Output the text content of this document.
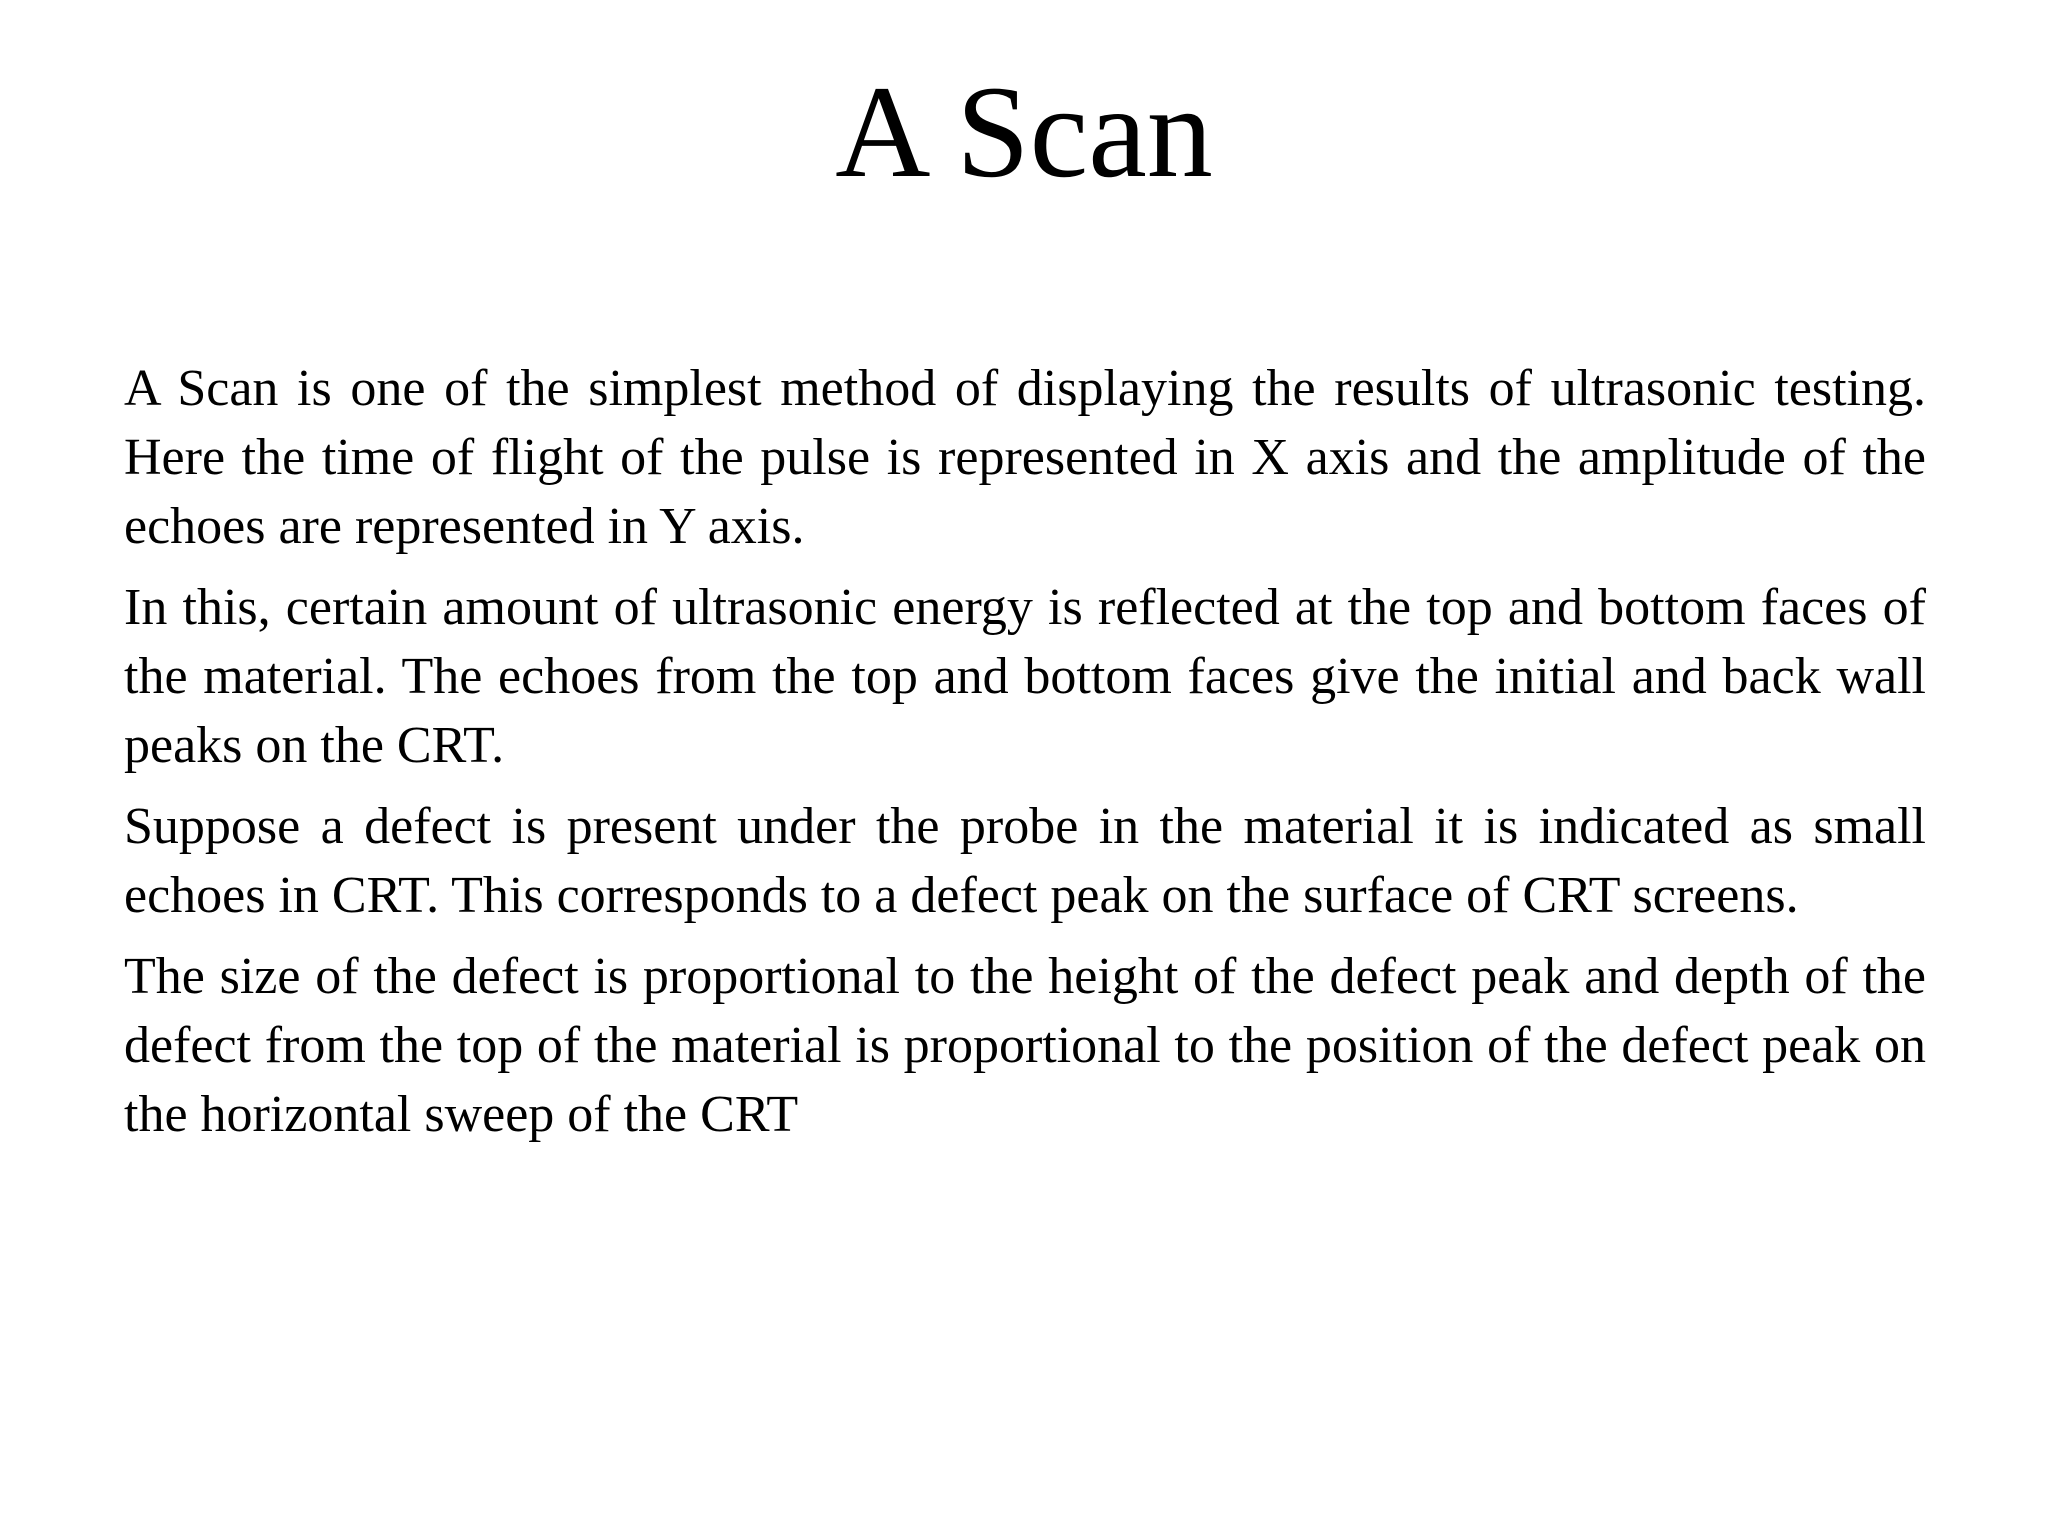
A Scan

A Scan is one of the simplest method of displaying the results of ultrasonic testing. Here the time of flight of the pulse is represented in X axis and the amplitude of the echoes are represented in Y axis.

In this, certain amount of ultrasonic energy is reflected at the top and bottom faces of the material. The echoes from the top and bottom faces give the initial and back wall peaks on the CRT.

Suppose a defect is present under the probe in the material it is indicated as small echoes in CRT. This corresponds to a defect peak on the surface of CRT screens.

The size of the defect is proportional to the height of the defect peak and depth of the defect from the top of the material is proportional to the position of the defect peak on the horizontal sweep of the CRT
